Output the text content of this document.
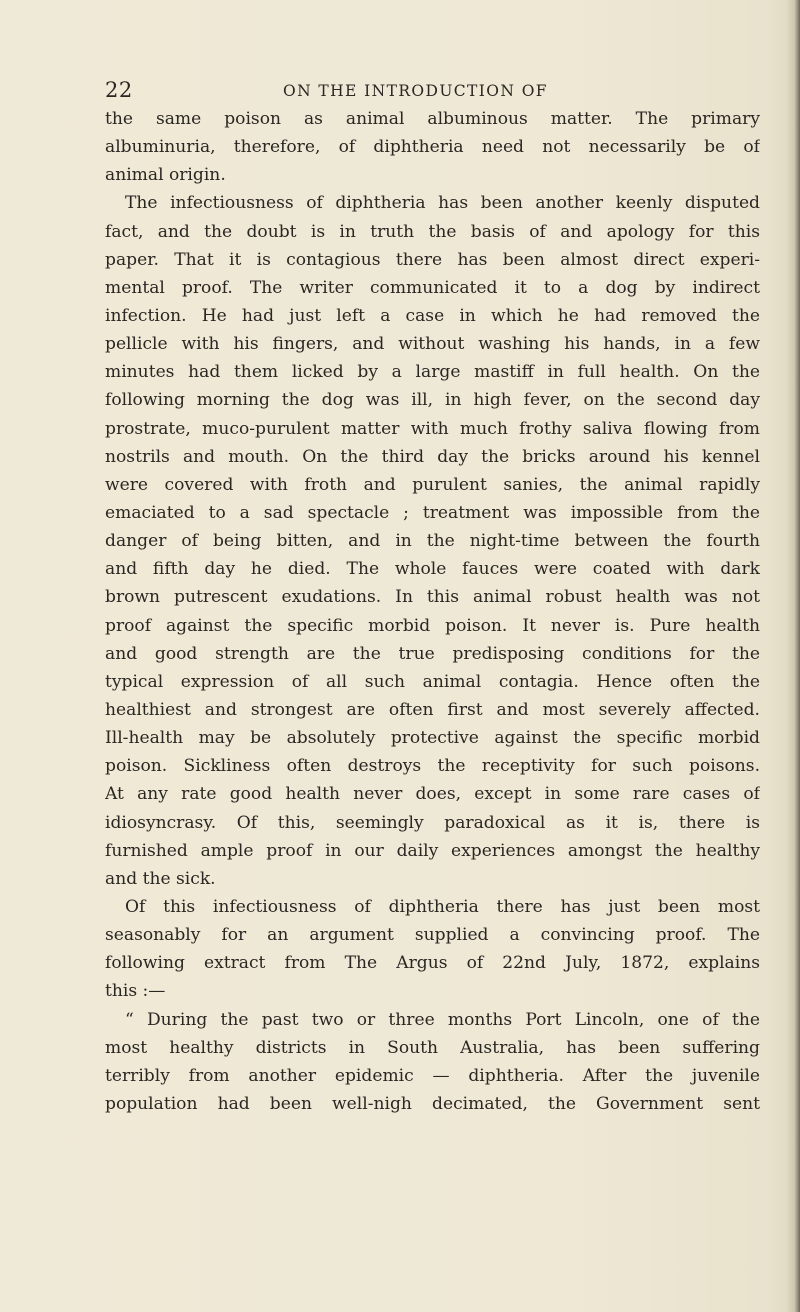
22	ON THE INTRODUCTION OF
the same poison as animal albuminous matter. The primary
albuminuria, therefore, of diphtheria need not necessarily be of
animal origin.
The infectiousness of diphtheria has been another keenly disputed
fact, and the doubt is in truth the basis of and apology for this
paper. That it is contagious there has been almost direct experi-
mental proof. The writer communicated it to a dog by indirect
infection. He had just left a case in which he had removed the
pellicle with his fingers, and without washing his hands, in a few
minutes had them licked by a large mastiff in full health. On the
following morning the dog was ill, in high fever, on the second day
prostrate, muco-purulent matter with much frothy saliva flowing from
nostrils and mouth. On the third day the bricks around his kennel
were covered with froth and purulent sanies, the animal rapidly
emaciated to a sad spectacle ; treatment was impossible from the
danger of being bitten, and in the night-time between the fourth
and fifth day he died. The whole fauces were coated with dark
brown putrescent exudations. In this animal robust health was not
proof against the specific morbid poison. It never is. Pure health
and good strength are the true predisposing conditions for the
typical expression of all such animal contagia. Hence often the
healthiest and strongest are often first and most severely affected.
Ill-health may be absolutely protective against the specific morbid
poison. Sickliness often destroys the receptivity for such poisons.
At any rate good health never does, except in some rare cases of
idiosyncrasy. Of this, seemingly paradoxical as it is, there is
furnished ample proof in our daily experiences amongst the healthy
and the sick.
Of this infectiousness of diphtheria there has just been most
seasonably for an argument supplied a convincing proof. The
following extract from The Argus of 22nd July, 1872, explains
this :—
“ During the past two or three months Port Lincoln, one of the
most healthy districts in South Australia, has been suffering
terribly from another epidemic — diphtheria. After the juvenile
population had been well-nigh decimated, the Government sent
